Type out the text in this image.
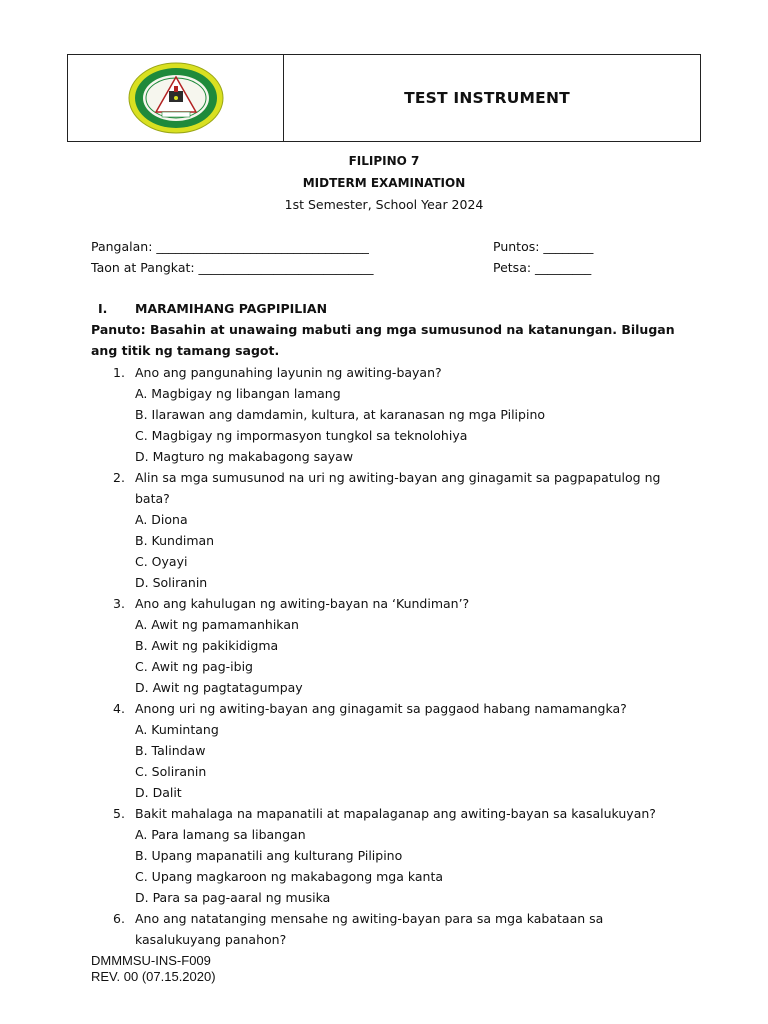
TEST INSTRUMENT
FILIPINO 7
MIDTERM EXAMINATION
1st Semester, School Year 2024
Pangalan: __________________________________	Puntos: ________
Taon at Pangkat: ____________________________	Petsa: _________
I.	MARAMIHANG PAGPIPILIAN
Panuto: Basahin at unawaing mabuti ang mga sumusunod na katanungan. Bilugan ang titik ng tamang sagot.
1. Ano ang pangunahing layunin ng awiting-bayan?
A. Magbigay ng libangan lamang
B. Ilarawan ang damdamin, kultura, at karanasan ng mga Pilipino
C. Magbigay ng impormasyon tungkol sa teknolohiya
D. Magturo ng makabagong sayaw
2. Alin sa mga sumusunod na uri ng awiting-bayan ang ginagamit sa pagpapatulog ng bata?
A. Diona
B. Kundiman
C. Oyayi
D. Soliranin
3. Ano ang kahulugan ng awiting-bayan na ‘Kundiman’?
A. Awit ng pamamanhikan
B. Awit ng pakikidigma
C. Awit ng pag-ibig
D. Awit ng pagtatagumpay
4. Anong uri ng awiting-bayan ang ginagamit sa paggaod habang namamangka?
A. Kumintang
B. Talindaw
C. Soliranin
D. Dalit
5. Bakit mahalaga na mapanatili at mapalaganap ang awiting-bayan sa kasalukuyan?
A. Para lamang sa libangan
B. Upang mapanatili ang kulturang Pilipino
C. Upang magkaroon ng makabagong mga kanta
D. Para sa pag-aaral ng musika
6. Ano ang natatanging mensahe ng awiting-bayan para sa mga kabataan sa kasalukuyang panahon?
DMMMSU-INS-F009
REV. 00 (07.15.2020)
